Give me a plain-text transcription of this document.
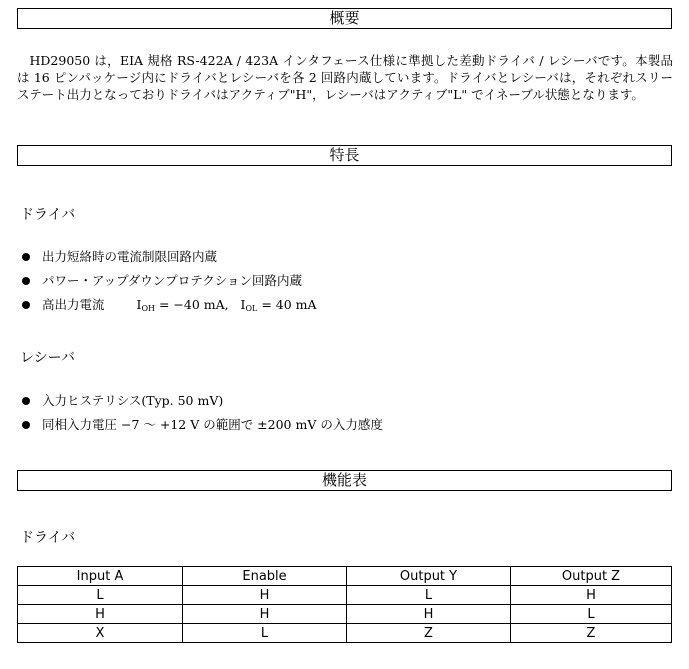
概要

HD29050 は，EIA 規格 RS-422A / 423A インタフェース仕様に準拠した差動ドライバ / レシーバです。本製品は 16 ピンパッケージ内にドライバとレシーバを各 2 回路内蔵しています。ドライバとレシーバは，それぞれスリーステート出力となっておりドライバはアクティブ"H"，レシーバはアクティブ"L" でイネーブル状態となります。

特長
ドライバ
出力短絡時の電流制限回路内蔵
パワー・アップダウンプロテクション回路内蔵
高出力電流	$I_{OH} = -40$ mA, $I_{OL} = 40$ mA
レシーバ
入力ヒステリシス(Typ. 50 mV)
同相入力電圧 −7 ～ +12 V の範囲で ±200 mV の入力感度
機能表
ドライバ
Input A	Enable	Output Y	Output Z
L	H	L	H
H	H	H	L
X	L	Z	Z
